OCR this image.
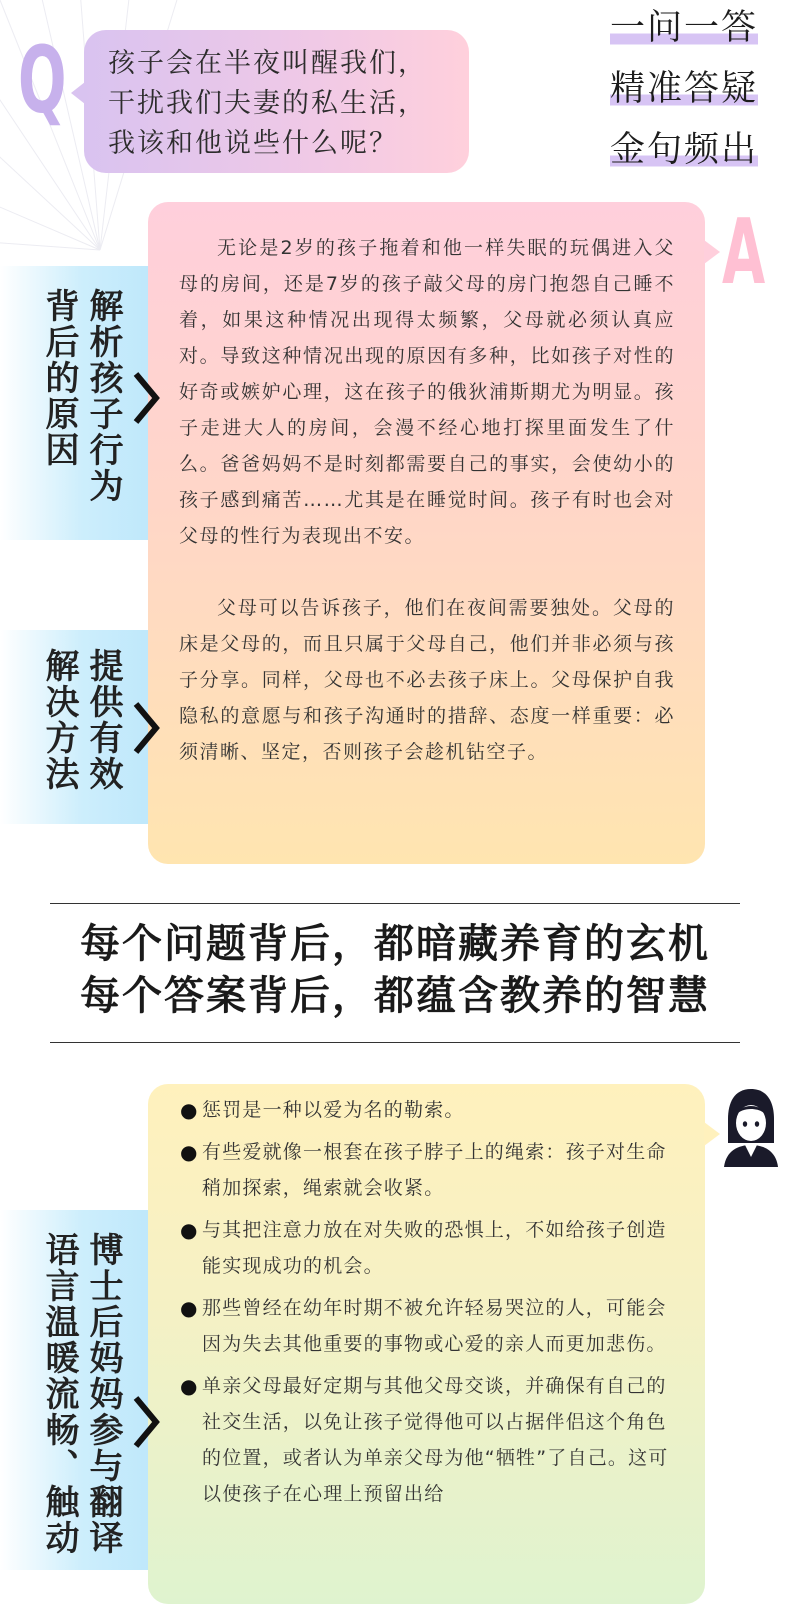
Q 孩子会在半夜叫醒我们，
干扰我们夫妻的私生活，
我该和他说些什么呢？
一问一答
精准答疑
金句频出
A
无论是2岁的孩子拖着和他一样失眠的玩偶进入父母的房间，还是7岁的孩子敲父母的房门抱怨自己睡不着，如果这种情况出现得太频繁，父母就必须认真应对。导致这种情况出现的原因有多种，比如孩子对性的好奇或嫉妒心理，这在孩子的俄狄浦斯期尤为明显。孩子走进大人的房间，会漫不经心地打探里面发生了什么。爸爸妈妈不是时刻都需要自己的事实，会使幼小的孩子感到痛苦……尤其是在睡觉时间。孩子有时也会对父母的性行为表现出不安。
父母可以告诉孩子，他们在夜间需要独处。父母的床是父母的，而且只属于父母自己，他们并非必须与孩子分享。同样，父母也不必去孩子床上。父母保护自我隐私的意愿与和孩子沟通时的措辞、态度一样重要：必须清晰、坚定，否则孩子会趁机钻空子。
解析孩子行为
背后的原因
提供有效
解决方法
每个问题背后，都暗藏养育的玄机
每个答案背后，都蕴含教养的智慧
● 惩罚是一种以爱为名的勒索。
● 有些爱就像一根套在孩子脖子上的绳索：孩子对生命稍加探索，绳索就会收紧。
● 与其把注意力放在对失败的恐惧上，不如给孩子创造能实现成功的机会。
● 那些曾经在幼年时期不被允许轻易哭泣的人，可能会因为失去其他重要的事物或心爱的亲人而更加悲伤。
● 单亲父母最好定期与其他父母交谈，并确保有自己的社交生活，以免让孩子觉得他可以占据伴侣这个角色的位置，或者认为单亲父母为他“牺牲”了自己。这可以使孩子在心理上预留出给
博士后妈妈参与翻译
语言温暖流畅、触动
